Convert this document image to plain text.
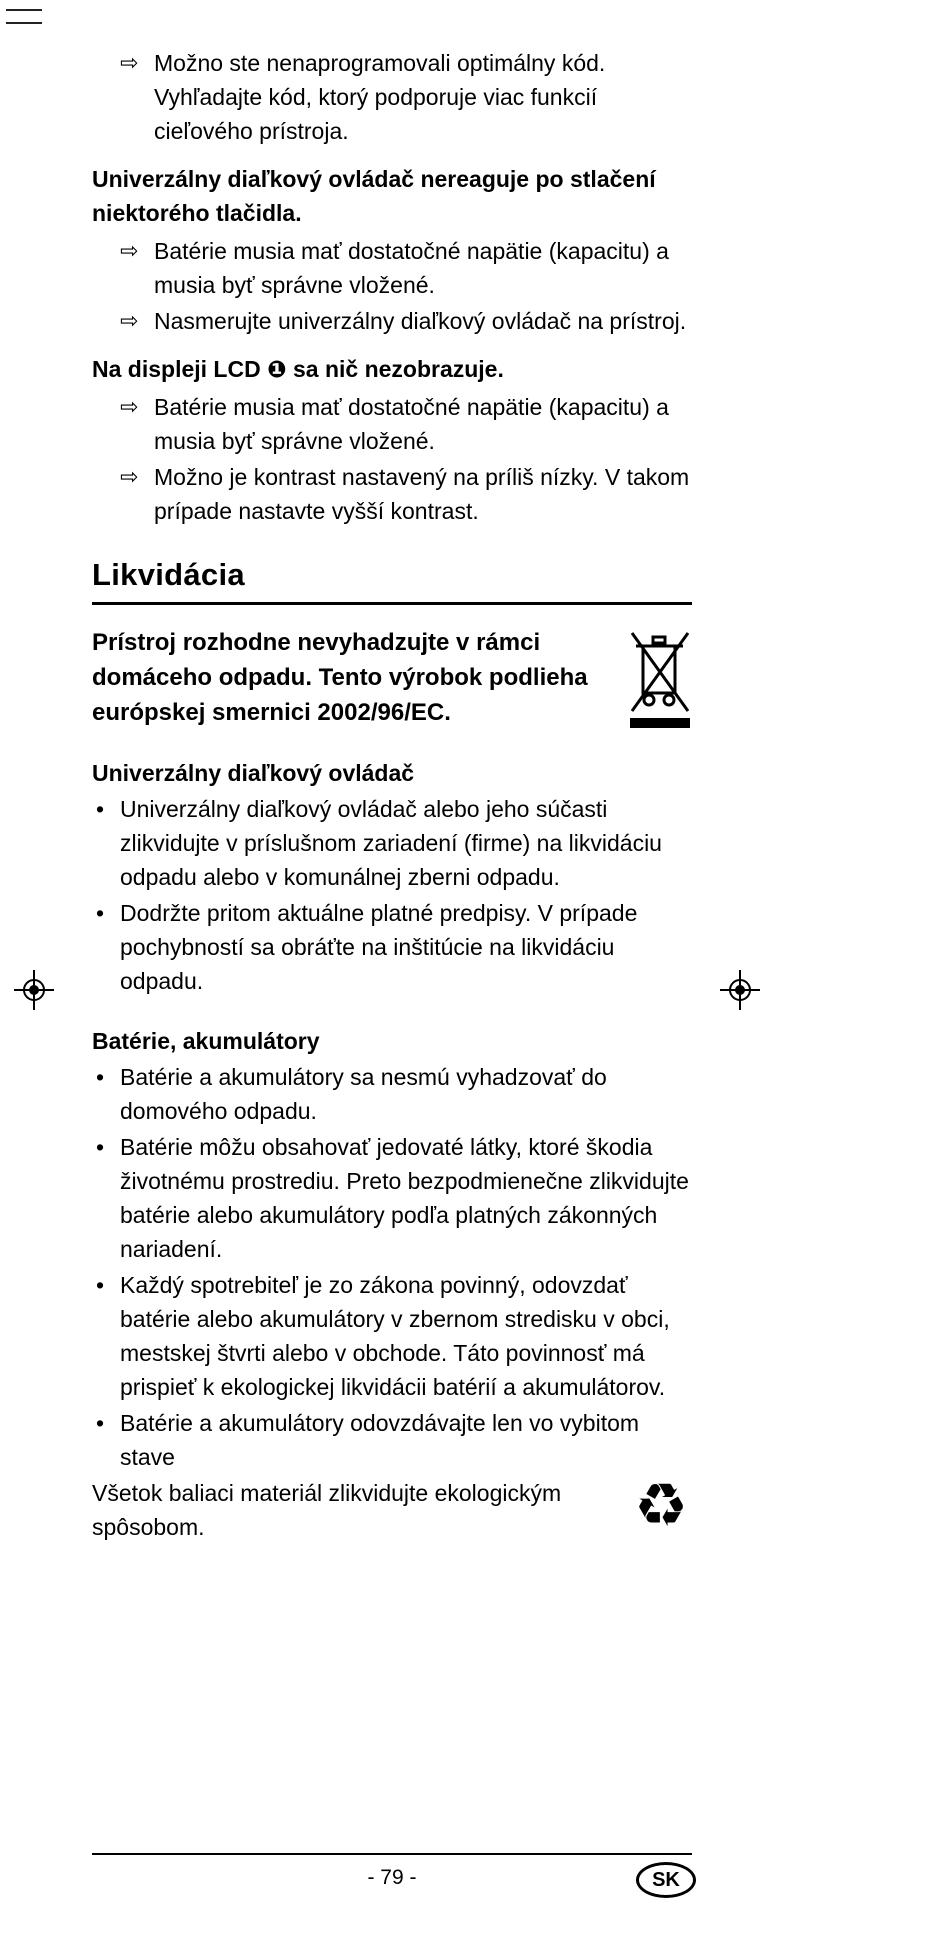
⇨ Možno ste nenaprogramovali optimálny kód. Vyhľadajte kód, ktorý podporuje viac funkcií cieľového prístroja.
Univerzálny diaľkový ovládač nereaguje po stlačení niektorého tlačidla.
⇨ Batérie musia mať dostatočné napätie (kapacitu) a musia byť správne vložené.
⇨ Nasmerujte univerzálny diaľkový ovládač na prístroj.
Na displeji LCD ❶ sa nič nezobrazuje.
⇨ Batérie musia mať dostatočné napätie (kapacitu) a musia byť správne vložené.
⇨ Možno je kontrast nastavený na príliš nízky. V takom prípade nastavte vyšší kontrast.
Likvidácia

Prístroj rozhodne nevyhadzujte v rámci domáceho odpadu. Tento výrobok podlieha európskej smernici 2002/96/EC.

Univerzálny diaľkový ovládač
• Univerzálny diaľkový ovládač alebo jeho súčasti zlikvidujte v príslušnom zariadení (firme) na likvidáciu odpadu alebo v komunálnej zberni odpadu.
• Dodržte pritom aktuálne platné predpisy. V prípade pochybností sa obráťte na inštitúcie na likvidáciu odpadu.
Batérie, akumulátory
• Batérie a akumulátory sa nesmú vyhadzovať do domového odpadu.
• Batérie môžu obsahovať jedovaté látky, ktoré škodia životnému prostrediu. Preto bezpodmienečne zlikvidujte batérie alebo akumulátory podľa platných zákonných nariadení.
• Každý spotrebiteľ je zo zákona povinný, odovzdať batérie alebo akumulátory v zbernom stredisku v obci, mestskej štvrti alebo v obchode. Táto povinnosť má prispieť k ekologickej likvidácii batérií a akumulátorov.
• Batérie a akumulátory odovzdávajte len vo vybitom stave

♻
Všetok baliaci materiál zlikvidujte ekologickým spôsobom.

- 79 -	SK
